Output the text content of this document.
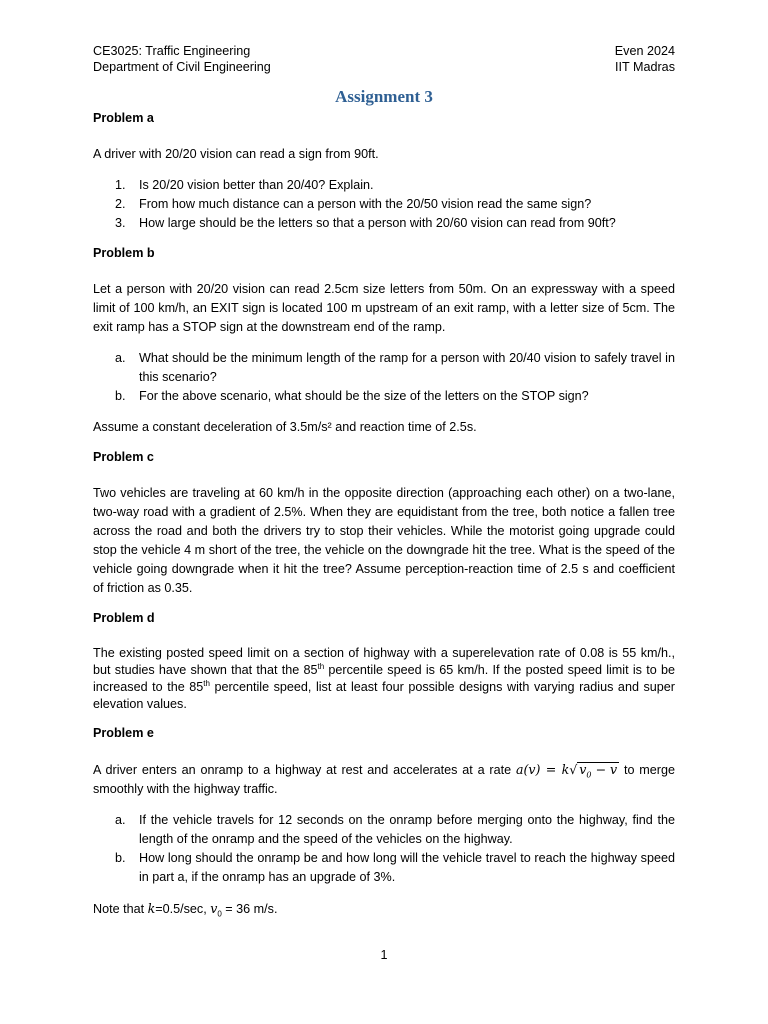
CE3025: Traffic Engineering
Department of Civil Engineering
Even 2024
IIT Madras
Assignment 3
Problem a

A driver with 20/20 vision can read a sign from 90ft.

1. Is 20/20 vision better than 20/40? Explain.
2. From how much distance can a person with the 20/50 vision read the same sign?
3. How large should be the letters so that a person with 20/60 vision can read from 90ft?
Problem b

Let a person with 20/20 vision can read 2.5cm size letters from 50m. On an expressway with a speed limit of 100 km/h, an EXIT sign is located 100 m upstream of an exit ramp, with a letter size of 5cm. The exit ramp has a STOP sign at the downstream end of the ramp.

a. What should be the minimum length of the ramp for a person with 20/40 vision to safely travel in this scenario?
b. For the above scenario, what should be the size of the letters on the STOP sign?

Assume a constant deceleration of 3.5m/s² and reaction time of 2.5s.

Problem c

Two vehicles are traveling at 60 km/h in the opposite direction (approaching each other) on a two-lane, two-way road with a gradient of 2.5%. When they are equidistant from the tree, both notice a fallen tree across the road and both the drivers try to stop their vehicles. While the motorist going upgrade could stop the vehicle 4 m short of the tree, the vehicle on the downgrade hit the tree. What is the speed of the vehicle going downgrade when it hit the tree? Assume perception-reaction time of 2.5 s and coefficient of friction as 0.35.

Problem d

The existing posted speed limit on a section of highway with a superelevation rate of 0.08 is 55 km/h., but studies have shown that that the 85th percentile speed is 65 km/h. If the posted speed limit is to be increased to the 85th percentile speed, list at least four possible designs with varying radius and super elevation values.

Problem e

A driver enters an onramp to a highway at rest and accelerates at a rate a(v) = k√ $v_0 - v$ to merge smoothly with the highway traffic.

a. If the vehicle travels for 12 seconds on the onramp before merging onto the highway, find the length of the onramp and the speed of the vehicles on the highway.
b. How long should the onramp be and how long will the vehicle travel to reach the highway speed in part a, if the onramp has an upgrade of 3%.

Note that k=0.5/sec, $v_0 = 36$ m/s.

1
